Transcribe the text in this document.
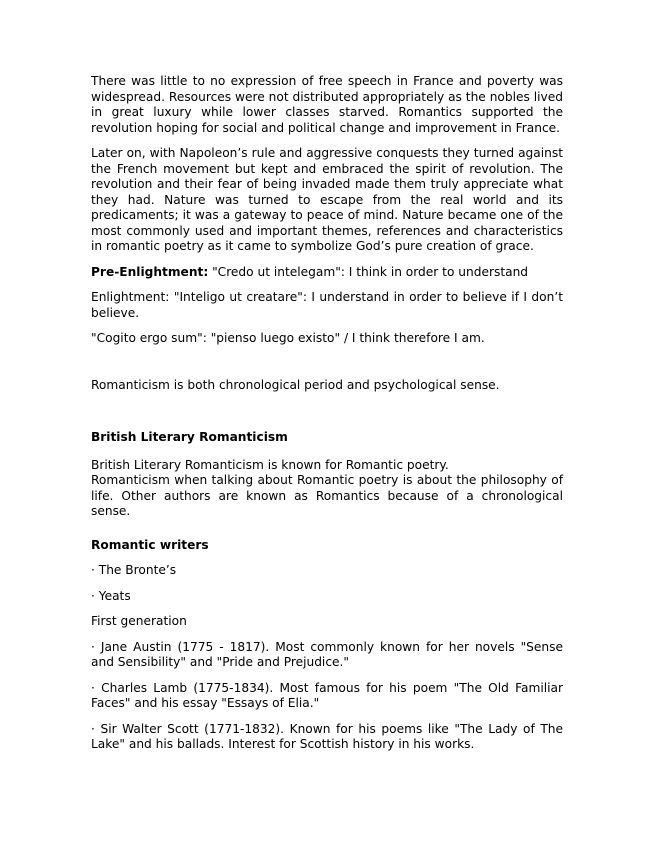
There was little to no expression of free speech in France and poverty was widespread. Resources were not distributed appropriately as the nobles lived in great luxury while lower classes starved. Romantics supported the revolution hoping for social and political change and improvement in France.

Later on, with Napoleon’s rule and aggressive conquests they turned against the French movement but kept and embraced the spirit of revolution. The revolution and their fear of being invaded made them truly appreciate what they had. Nature was turned to escape from the real world and its predicaments; it was a gateway to peace of mind. Nature became one of the most commonly used and important themes, references and characteristics in romantic poetry as it came to symbolize God’s pure creation of grace.

Pre-Enlightment: "Credo ut intelegam": I think in order to understand

Enlightment: "Inteligo ut creatare": I understand in order to believe if I don’t believe.

"Cogito ergo sum": "pienso luego existo" / I think therefore I am.

Romanticism is both chronological period and psychological sense.

British Literary Romanticism

British Literary Romanticism is known for Romantic poetry.

Romanticism when talking about Romantic poetry is about the philosophy of life. Other authors are known as Romantics because of a chronological sense.

Romantic writers

· The Bronte’s

· Yeats

First generation

· Jane Austin (1775 - 1817). Most commonly known for her novels "Sense and Sensibility" and "Pride and Prejudice."

· Charles Lamb (1775-1834). Most famous for his poem "The Old Familiar Faces" and his essay "Essays of Elia."

· Sir Walter Scott (1771-1832). Known for his poems like "The Lady of The Lake" and his ballads. Interest for Scottish history in his works.
